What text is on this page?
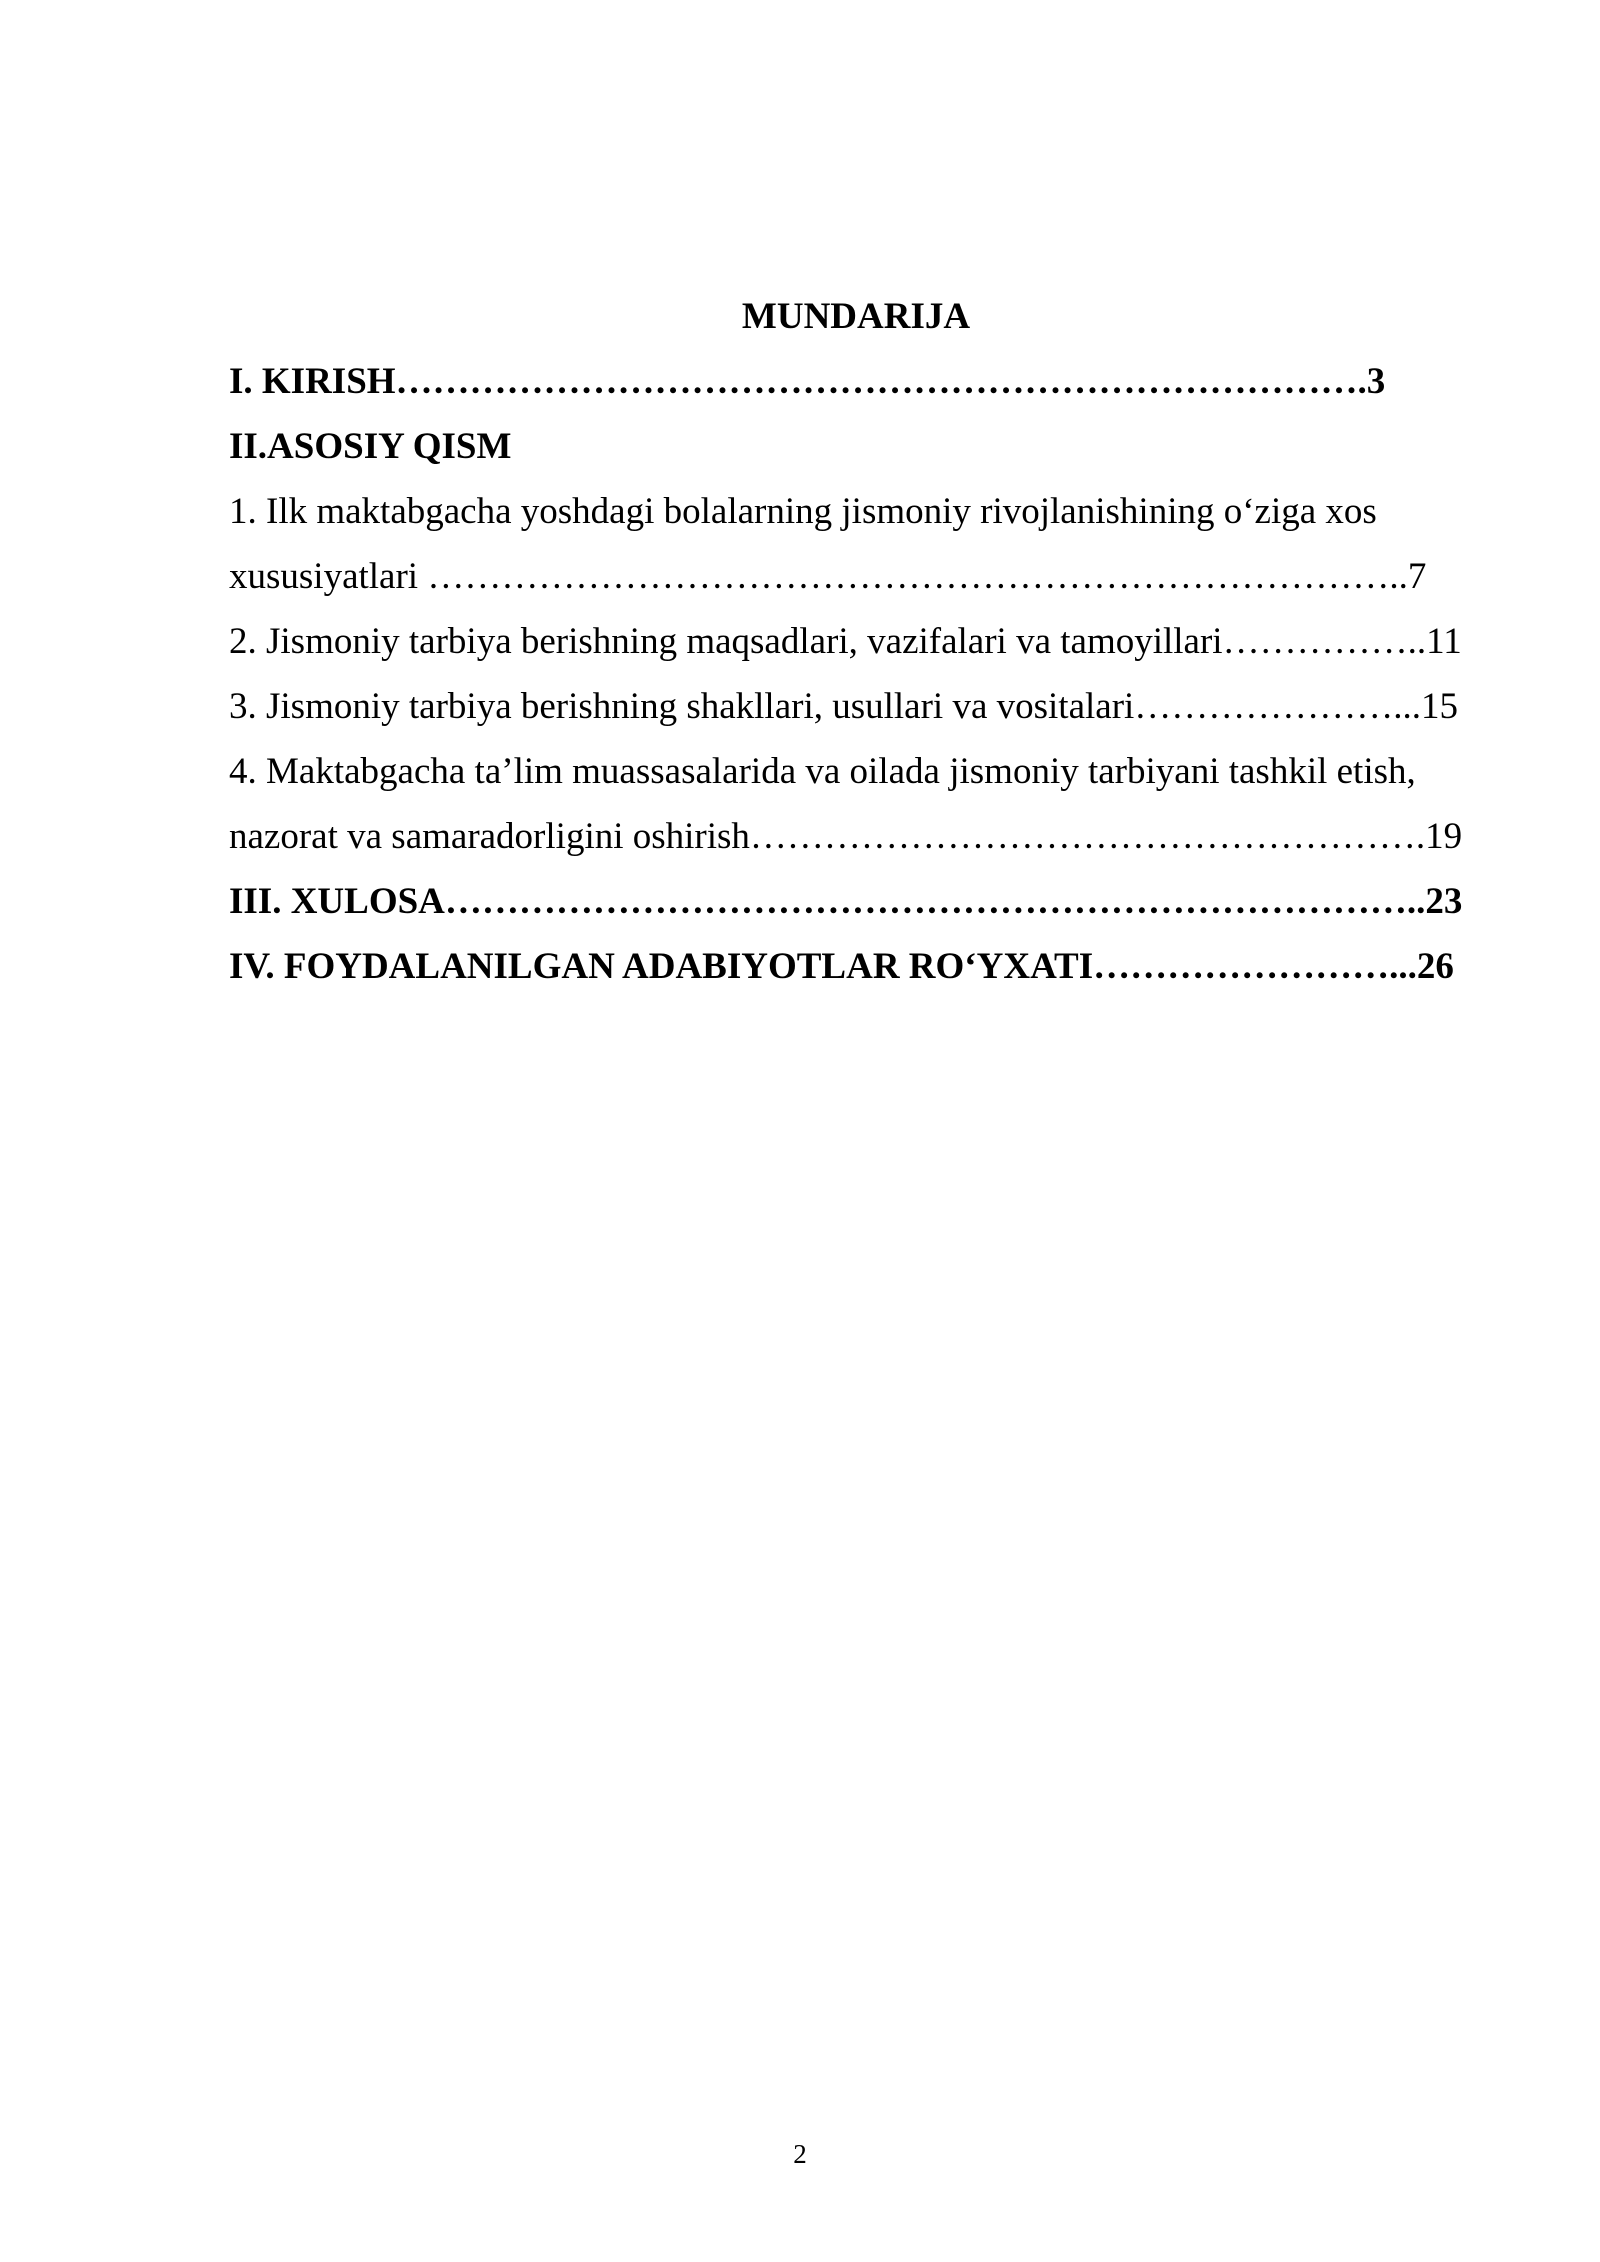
MUNDARIJA

I. KIRISH…………………………………………………………………….3

II.ASOSIY QISM

1. Ilk maktabgacha yoshdagi bolalarning jismoniy rivojlanishining o‘ziga xos

xususiyatlari ……………………………………………………………………..7

2. Jismoniy tarbiya berishning maqsadlari, vazifalari va tamoyillari……………..11

3. Jismoniy tarbiya berishning shakllari, usullari va vositalari…………………...15

4. Maktabgacha ta’lim muassasalarida va oilada jismoniy tarbiyani tashkil etish,

nazorat va samaradorligini oshirish……………………………………………….19

III. XULOSA……………………………………………………………………..23

IV. FOYDALANILGAN ADABIYOTLAR RO‘YXATI……………………...26

2
